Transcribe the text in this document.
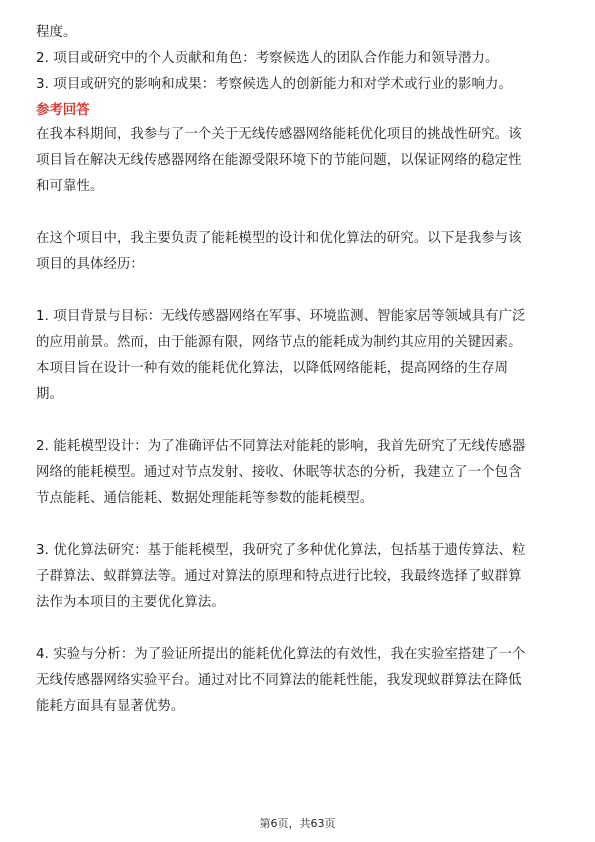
程度。
2. 项目或研究中的个人贡献和角色：考察候选人的团队合作能力和领导潜力。
3. 项目或研究的影响和成果：考察候选人的创新能力和对学术或行业的影响力。
参考回答
在我本科期间，我参与了一个关于无线传感器网络能耗优化项目的挑战性研究。该
项目旨在解决无线传感器网络在能源受限环境下的节能问题，以保证网络的稳定性
和可靠性。
在这个项目中，我主要负责了能耗模型的设计和优化算法的研究。以下是我参与该
项目的具体经历：
1. 项目背景与目标：无线传感器网络在军事、环境监测、智能家居等领域具有广泛
的应用前景。然而，由于能源有限，网络节点的能耗成为制约其应用的关键因素。
本项目旨在设计一种有效的能耗优化算法，以降低网络能耗，提高网络的生存周
期。
2. 能耗模型设计：为了准确评估不同算法对能耗的影响，我首先研究了无线传感器
网络的能耗模型。通过对节点发射、接收、休眠等状态的分析，我建立了一个包含
节点能耗、通信能耗、数据处理能耗等参数的能耗模型。
3. 优化算法研究：基于能耗模型，我研究了多种优化算法，包括基于遗传算法、粒
子群算法、蚁群算法等。通过对算法的原理和特点进行比较，我最终选择了蚁群算
法作为本项目的主要优化算法。
4. 实验与分析：为了验证所提出的能耗优化算法的有效性，我在实验室搭建了一个
无线传感器网络实验平台。通过对比不同算法的能耗性能，我发现蚁群算法在降低
能耗方面具有显著优势。
第6页，共63页
